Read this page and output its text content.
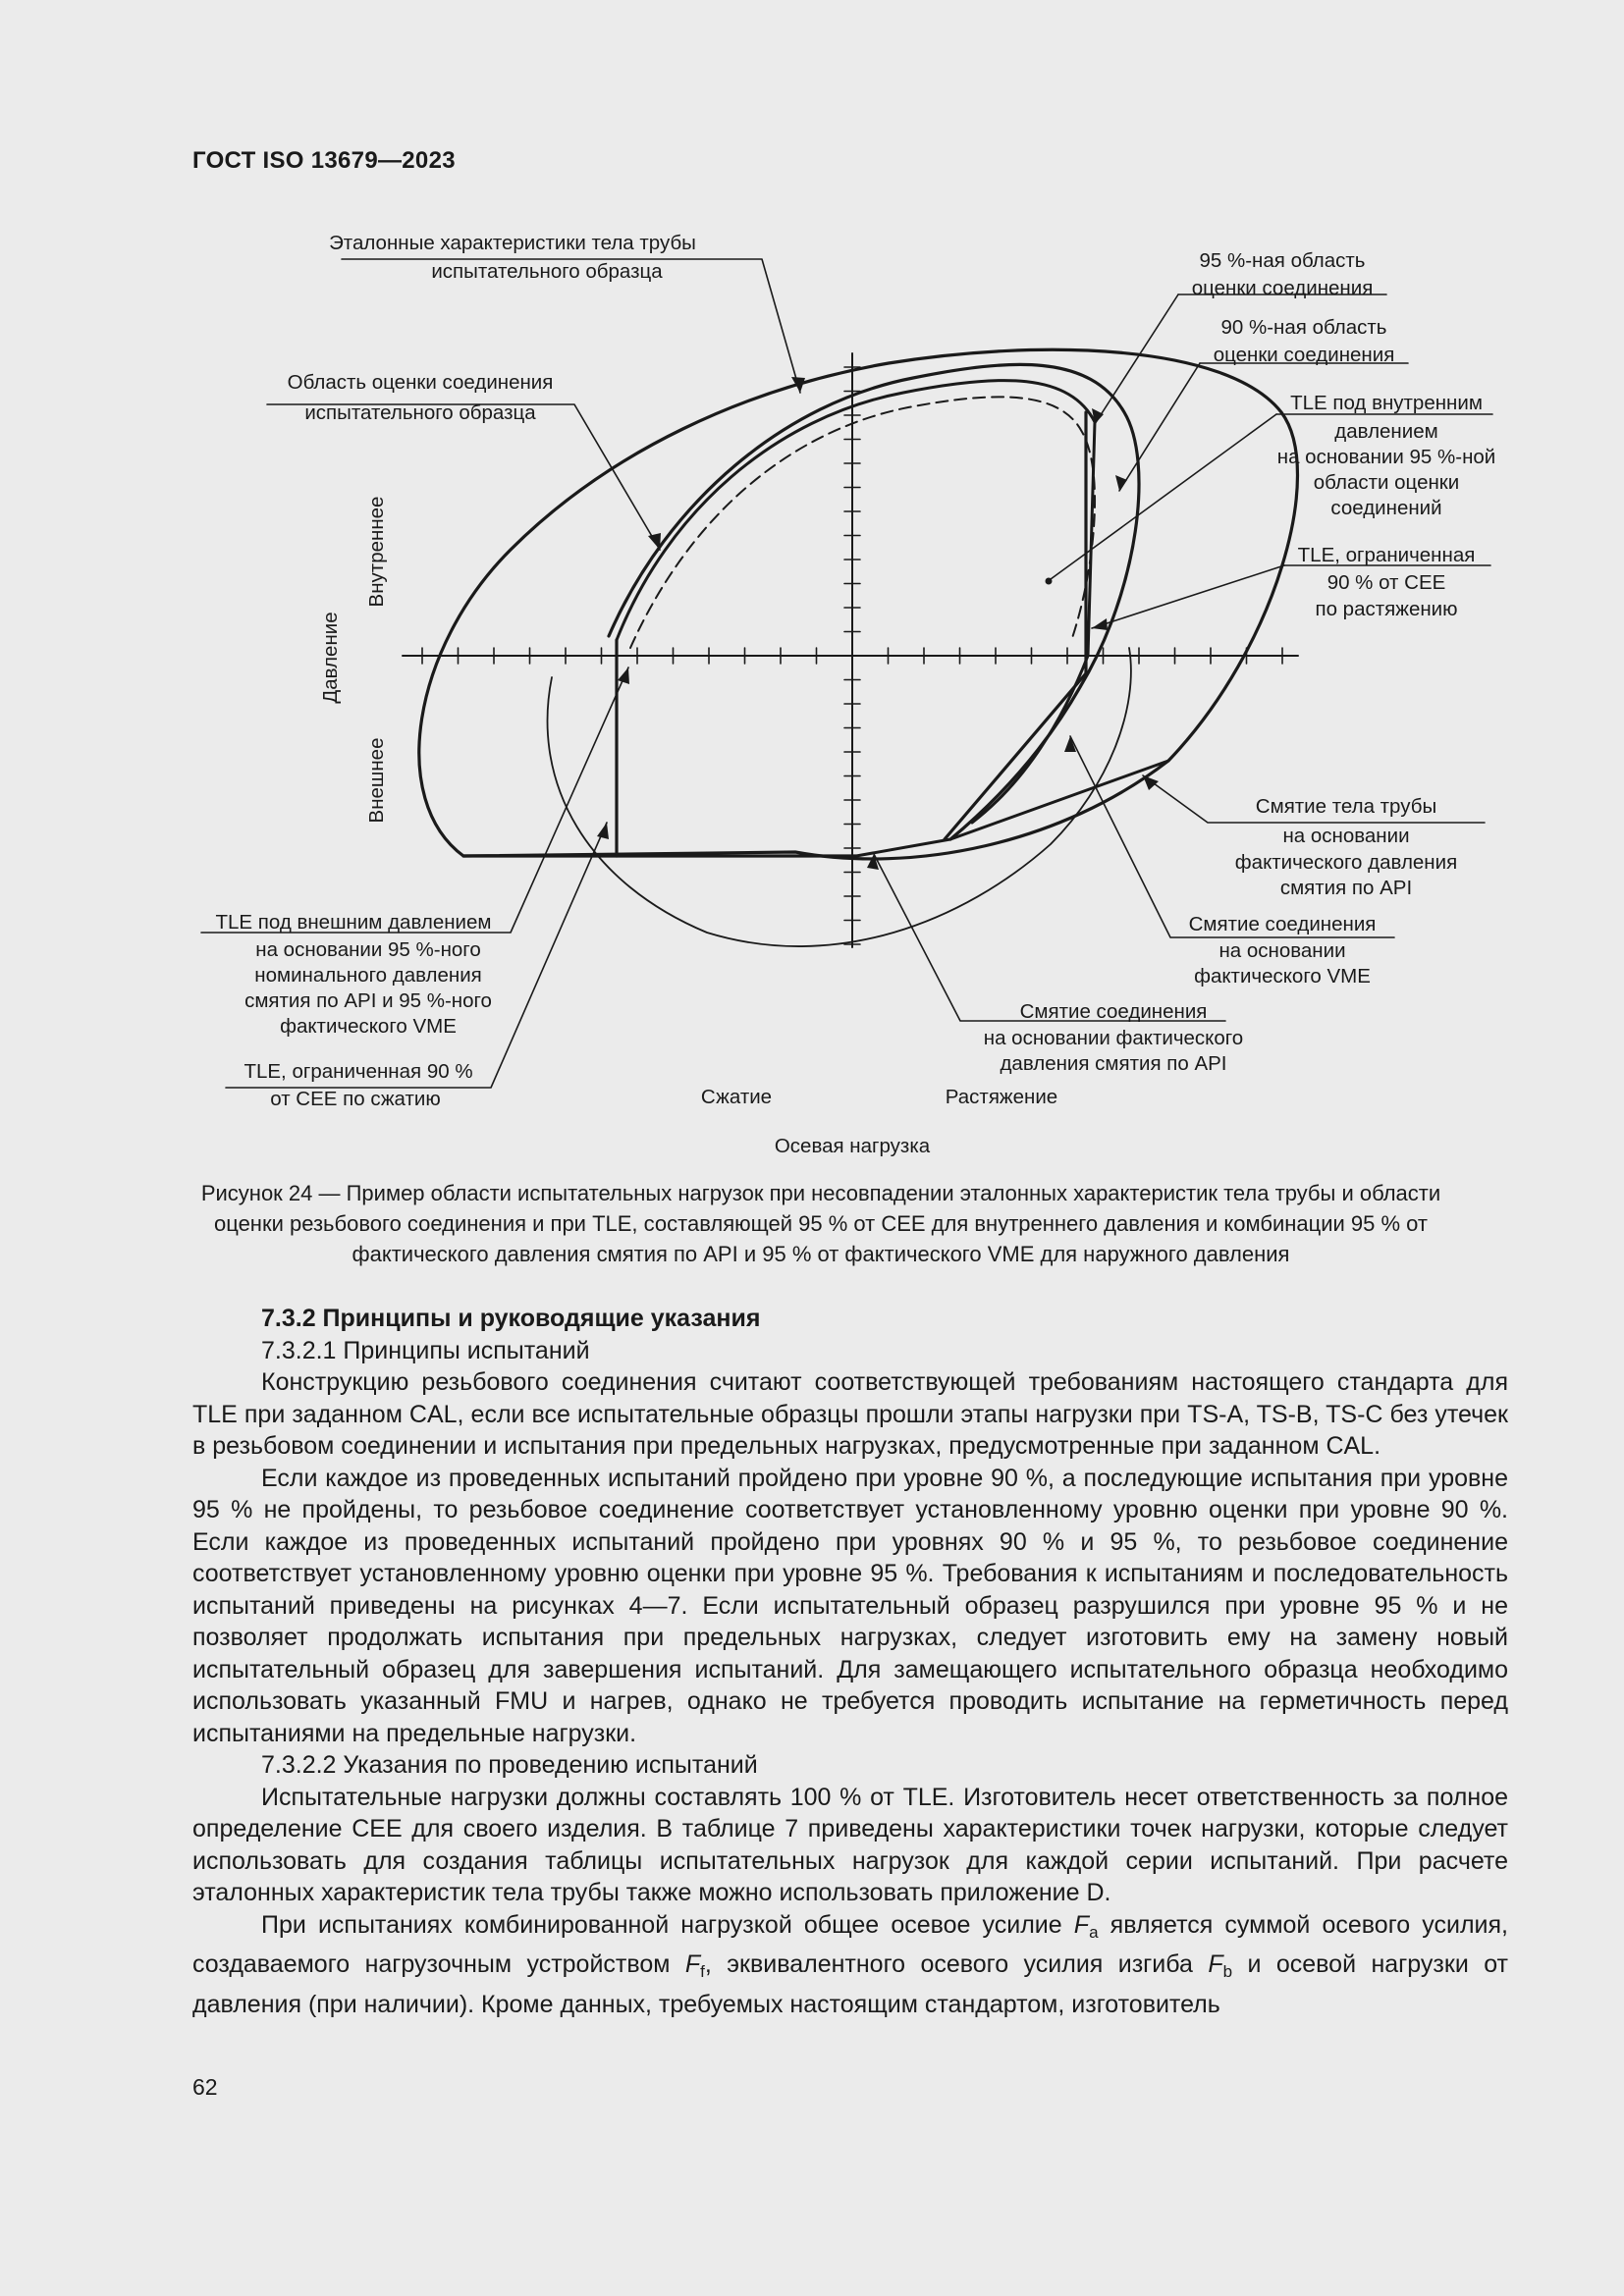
ГОСТ ISO 13679—2023
Эталонные характеристики тела трубы
испытательного образца
Область оценки соединения
испытательного образца
95 %-ная область
оценки соединения
90 %-ная область
оценки соединения
TLE под внутренним
давлением
на основании 95 %-ной
области оценки
соединений
TLE, ограниченная
90 % от CEE
по растяжению
Смятие тела трубы
на основании
фактического давления
смятия по API
Смятие соединения
на основании
фактического VME
Смятие соединения
на основании фактического
давления смятия по API
TLE под внешним давлением
на основании 95 %-ного
номинального давления
смятия по API и 95 %-ного
фактического VME
TLE, ограниченная 90 %
от CEE по сжатию	Сжатие	Растяжение
Осевая нагрузка
Давление
Внутреннее
Внешнее
Рисунок 24 — Пример области испытательных нагрузок при несовпадении эталонных характеристик тела трубы и области оценки резьбового соединения и при TLE, составляющей 95 % от CEE для внутреннего давления и комбинации 95 % от фактического давления смятия по API и 95 % от фактического VME для наружного давления

7.3.2 Принципы и руководящие указания

7.3.2.1 Принципы испытаний

Конструкцию резьбового соединения считают соответствующей требованиям настоящего стандарта для TLE при заданном CAL, если все испытательные образцы прошли этапы нагрузки при TS-A, TS-B, TS-C без утечек в резьбовом соединении и испытания при предельных нагрузках, предусмотренные при заданном CAL.

Если каждое из проведенных испытаний пройдено при уровне 90 %, а последующие испытания при уровне 95 % не пройдены, то резьбовое соединение соответствует установленному уровню оценки при уровне 90 %. Если каждое из проведенных испытаний пройдено при уровнях 90 % и 95 %, то резьбовое соединение соответствует установленному уровню оценки при уровне 95 %. Требования к испытаниям и последовательность испытаний приведены на рисунках 4—7. Если испытательный образец разрушился при уровне 95 % и не позволяет продолжать испытания при предельных нагрузках, следует изготовить ему на замену новый испытательный образец для завершения испытаний. Для замещающего испытательного образца необходимо использовать указанный FMU и нагрев, однако не требуется проводить испытание на герметичность перед испытаниями на предельные нагрузки.

7.3.2.2 Указания по проведению испытаний

Испытательные нагрузки должны составлять 100 % от TLE. Изготовитель несет ответственность за полное определение CEE для своего изделия. В таблице 7 приведены характеристики точек нагрузки, которые следует использовать для создания таблицы испытательных нагрузок для каждой серии испытаний. При расчете эталонных характеристик тела трубы также можно использовать приложение D.

При испытаниях комбинированной нагрузкой общее осевое усилие $F_a$ является суммой осевого усилия, создаваемого нагрузочным устройством $F_f$, эквивалентного осевого усилия изгиба $F_b$ и осевой нагрузки от давления (при наличии). Кроме данных, требуемых настоящим стандартом, изготовитель

62
